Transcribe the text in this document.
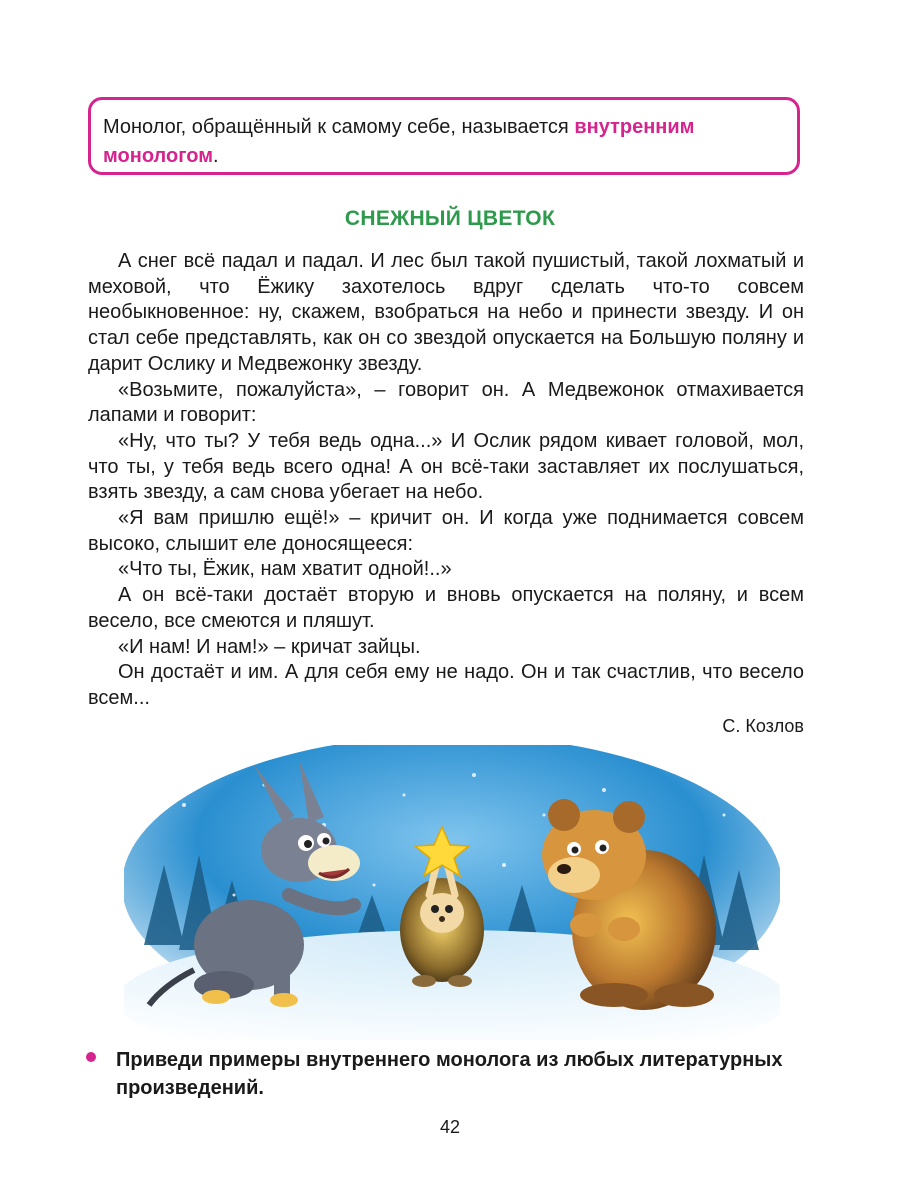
Монолог, обращённый к самому себе, называется внутренним монологом.
СНЕЖНЫЙ ЦВЕТОК

А снег всё падал и падал. И лес был такой пушистый, такой лохматый и меховой, что Ёжику захотелось вдруг сделать что-то совсем необыкновенное: ну, скажем, взобраться на небо и принести звезду. И он стал себе представлять, как он со звездой опускается на Большую поляну и дарит Ослику и Медвежонку звезду.

«Возьмите, пожалуйста», – говорит он. А Медвежонок отмахивается лапами и говорит:

«Ну, что ты? У тебя ведь одна...» И Ослик рядом кивает головой, мол, что ты, у тебя ведь всего одна! А он всё-таки заставляет их послушаться, взять звезду, а сам снова убегает на небо.

«Я вам пришлю ещё!» – кричит он. И когда уже поднимается совсем высоко, слышит еле доносящееся:

«Что ты, Ёжик, нам хватит одной!..»

А он всё-таки достаёт вторую и вновь опускается на поляну, и всем весело, все смеются и пляшут.

«И нам! И нам!» – кричат зайцы.

Он достаёт и им. А для себя ему не надо. Он и так счастлив, что весело всем...

С. Козлов
Приведи примеры внутреннего монолога из любых литературных произведений.
42
